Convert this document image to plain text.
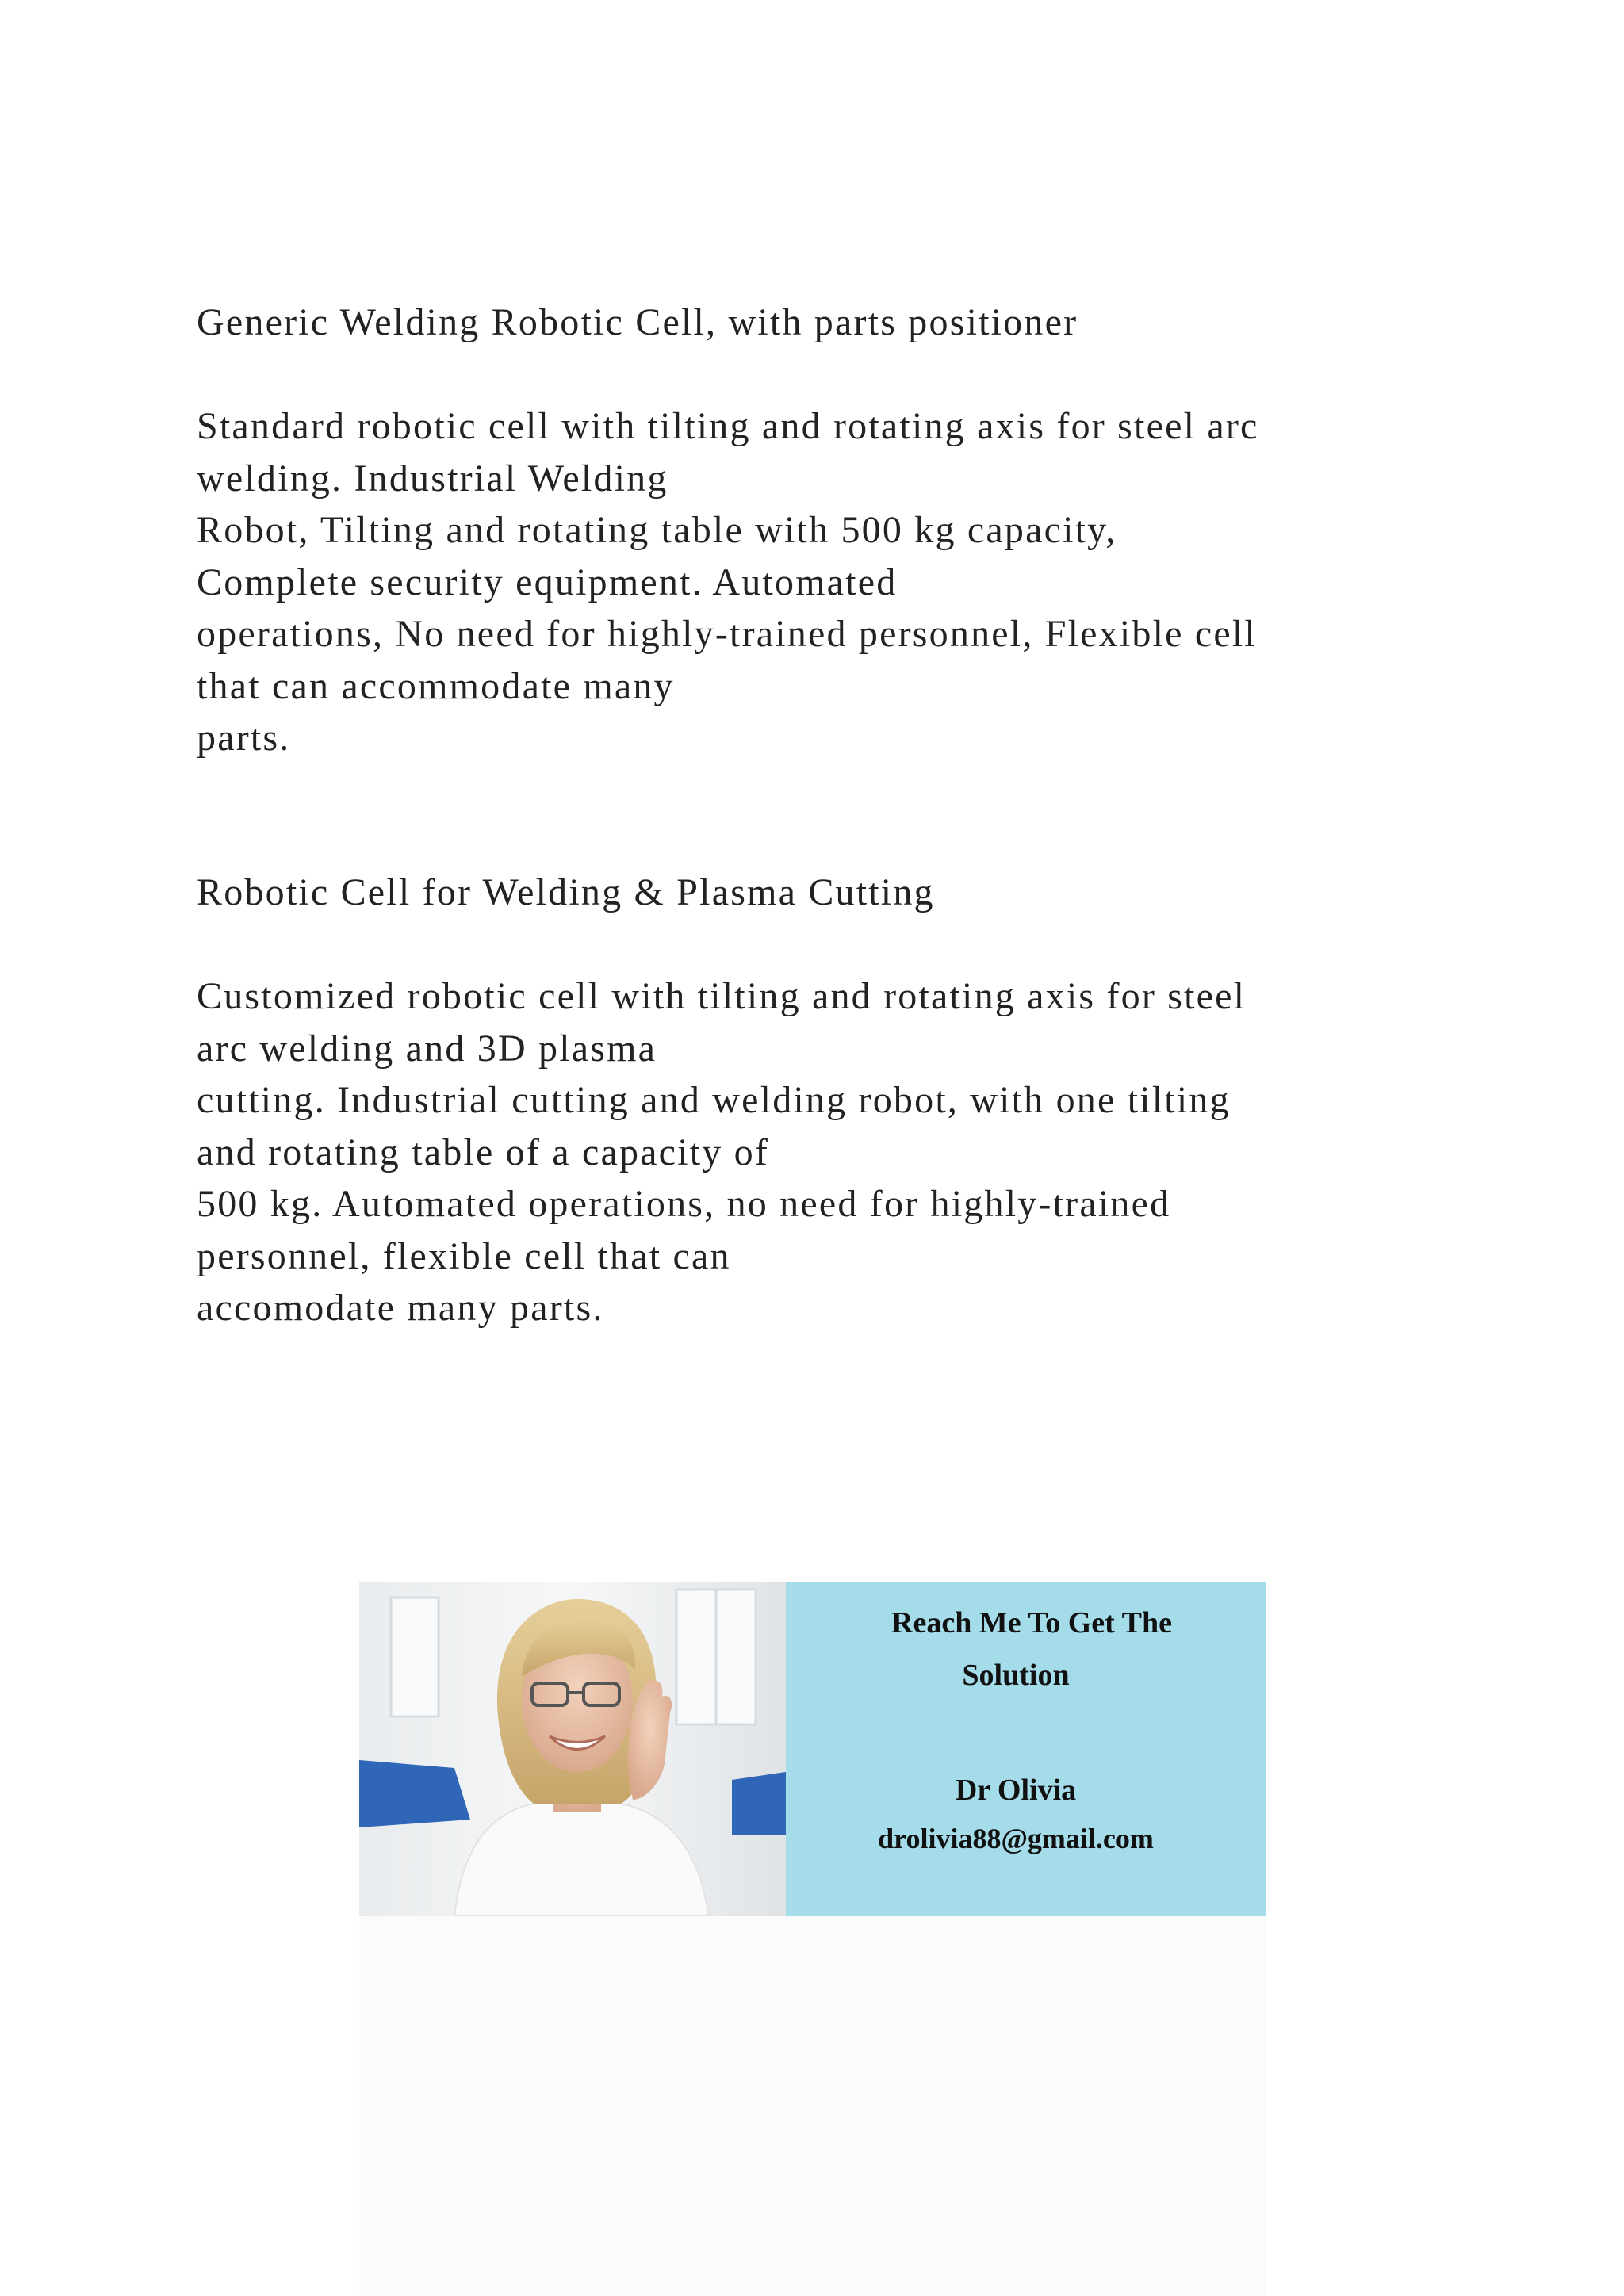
Generic Welding Robotic Cell, with parts positioner

Standard robotic cell with tilting and rotating axis for steel arc
welding. Industrial Welding
Robot, Tilting and rotating table with 500 kg capacity,
Complete security equipment. Automated
operations, No need for highly-trained personnel, Flexible cell
that can accommodate many
parts.

Robotic Cell for Welding & Plasma Cutting

Customized robotic cell with tilting and rotating axis for steel
arc welding and 3D plasma
cutting. Industrial cutting and welding robot, with one tilting
and rotating table of a capacity of
500 kg. Automated operations, no need for highly-trained
personnel, flexible cell that can
accomodate many parts.

Reach Me To Get The
Solution
Dr Olivia
drolivia88@gmail.com
